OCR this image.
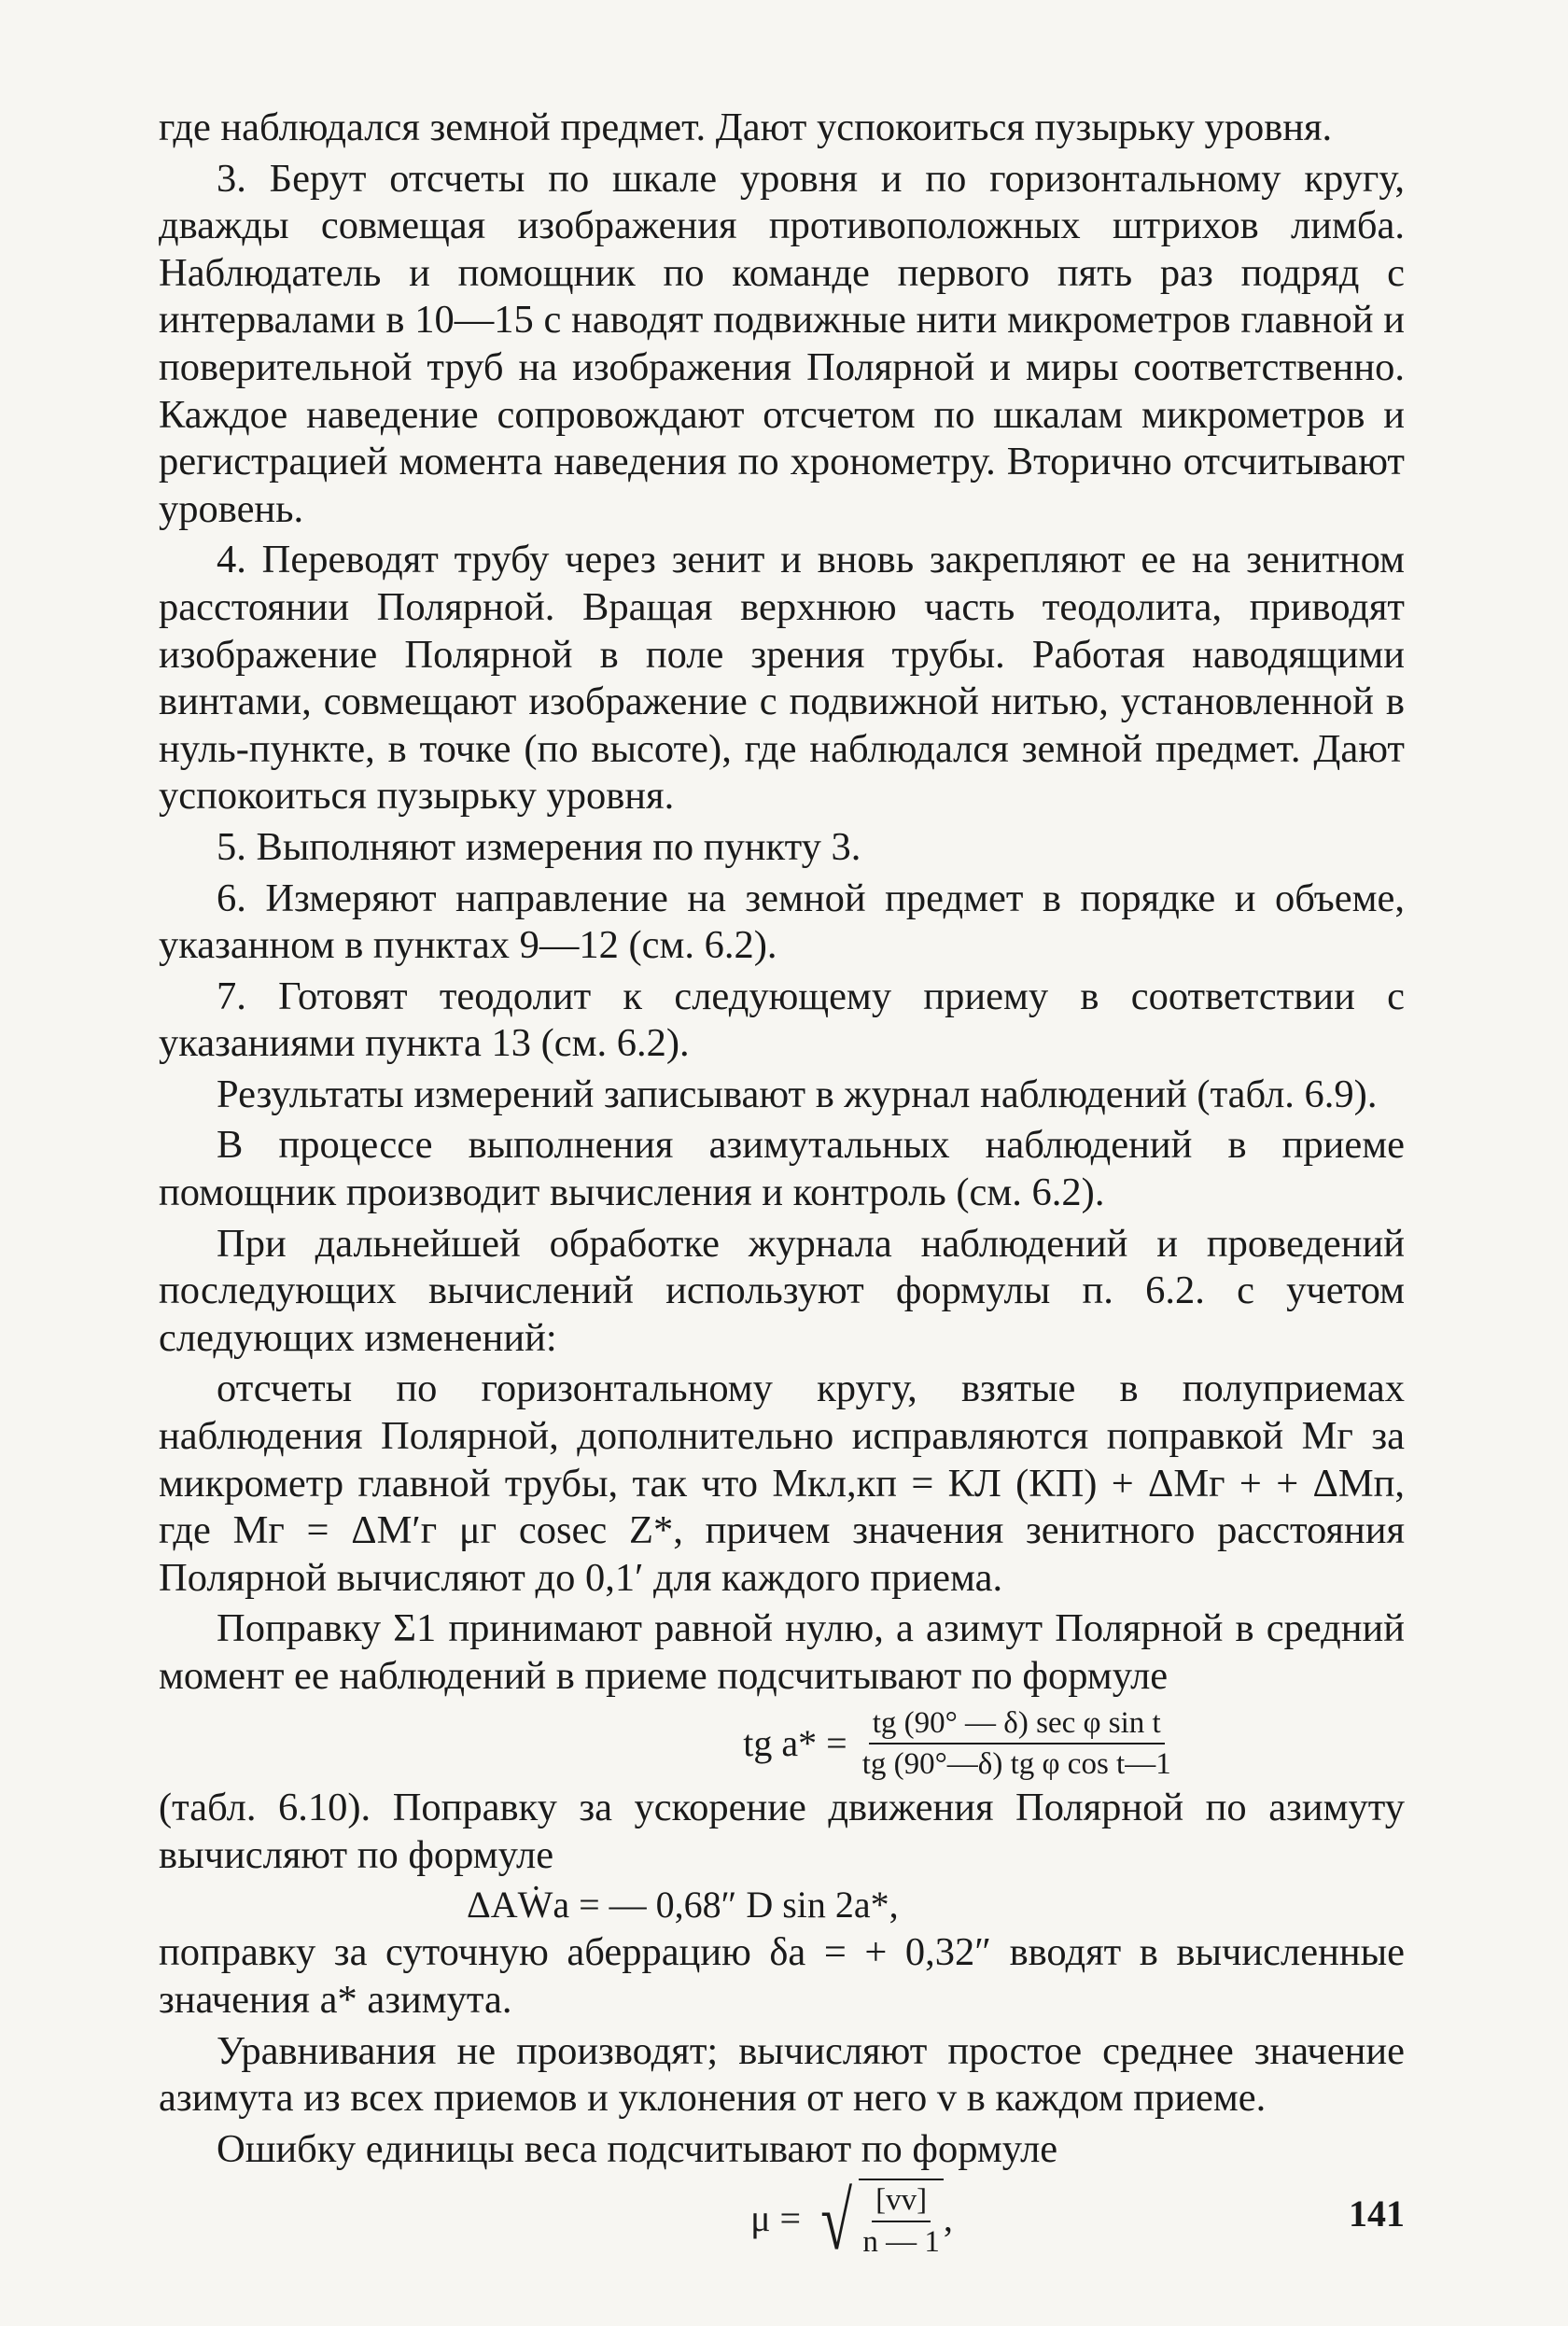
где наблюдался земной предмет. Дают успокоиться пузырьку уровня.

3. Берут отсчеты по шкале уровня и по горизонтальному кругу, дважды совмещая изображения противоположных штрихов лимба. Наблюдатель и помощник по команде первого пять раз подряд с интервалами в 10—15 с наводят подвижные нити микрометров главной и поверительной труб на изображения Полярной и миры соответственно. Каждое наведение сопровождают отсчетом по шкалам микрометров и регистрацией момента наведения по хронометру. Вторично отсчитывают уровень.

4. Переводят трубу через зенит и вновь закрепляют ее на зенитном расстоянии Полярной. Вращая верхнюю часть теодолита, приводят изображение Полярной в поле зрения трубы. Работая наводящими винтами, совмещают изображение с подвижной нитью, установленной в нуль-пункте, в точке (по высоте), где наблюдался земной предмет. Дают успокоиться пузырьку уровня.

5. Выполняют измерения по пункту 3.

6. Измеряют направление на земной предмет в порядке и объеме, указанном в пунктах 9—12 (см. 6.2).

7. Готовят теодолит к следующему приему в соответствии с указаниями пункта 13 (см. 6.2).

Результаты измерений записывают в журнал наблюдений (табл. 6.9).

В процессе выполнения азимутальных наблюдений в приеме помощник производит вычисления и контроль (см. 6.2).

При дальнейшей обработке журнала наблюдений и проведений последующих вычислений используют формулы п. 6.2. с учетом следующих изменений:

отсчеты по горизонтальному кругу, взятые в полуприемах наблюдения Полярной, дополнительно исправляются поправкой Mг за микрометр главной трубы, так что Mкл,кп = КЛ (КП) + ΔMг + + ΔMп, где Mг = ΔM′г μг cosec Z*, причем значения зенитного расстояния Полярной вычисляют до 0,1′ для каждого приема.

Поправку Σ1 принимают равной нулю, а азимут Полярной в средний момент ее наблюдений в приеме подсчитывают по формуле

tg $a* = \frac{\text{tg (90° — δ) sec φ sin t}}{\text{tg (90°—δ) tg φ cos t—1}}$

(табл. 6.10). Поправку за ускорение движения Полярной по азимуту вычисляют по формуле

ΔAẆa = — 0,68″ D sin 2a*,

поправку за суточную аберрацию δa = + 0,32″ вводят в вычисленные значения a* азимута.

Уравнивания не производят; вычисляют простое среднее значение азимута из всех приемов и уклонения от него v в каждом приеме.

Ошибку единицы веса подсчитывают по формуле

μ = √ $\frac{[vv]}{n — 1}$ ,	141
